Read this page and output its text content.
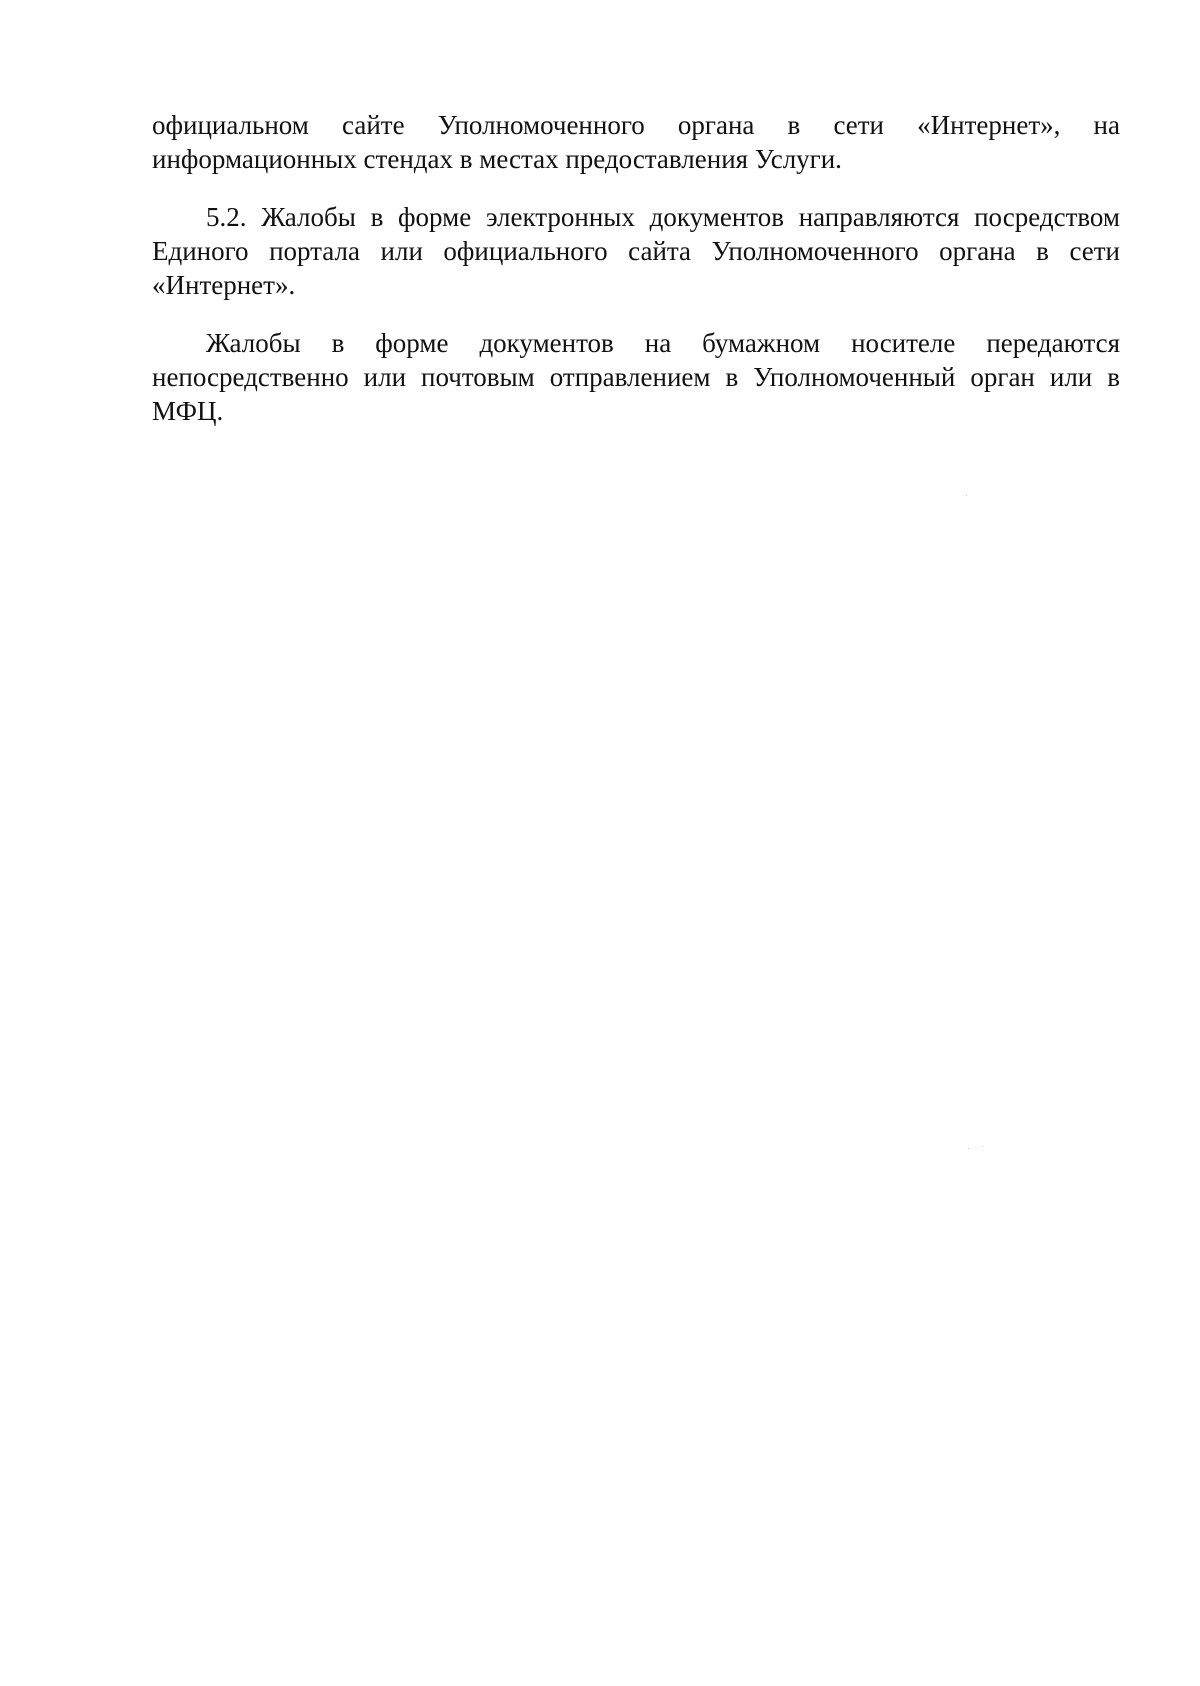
официальном сайте Уполномоченного органа в сети «Интернет», на информационных стендах в местах предоставления Услуги.

5.2. Жалобы в форме электронных документов направляются посредством Единого портала или официального сайта Уполномоченного органа в сети «Интернет».

Жалобы в форме документов на бумажном носителе передаются непосредственно или почтовым отправлением в Уполномоченный орган или в МФЦ.
